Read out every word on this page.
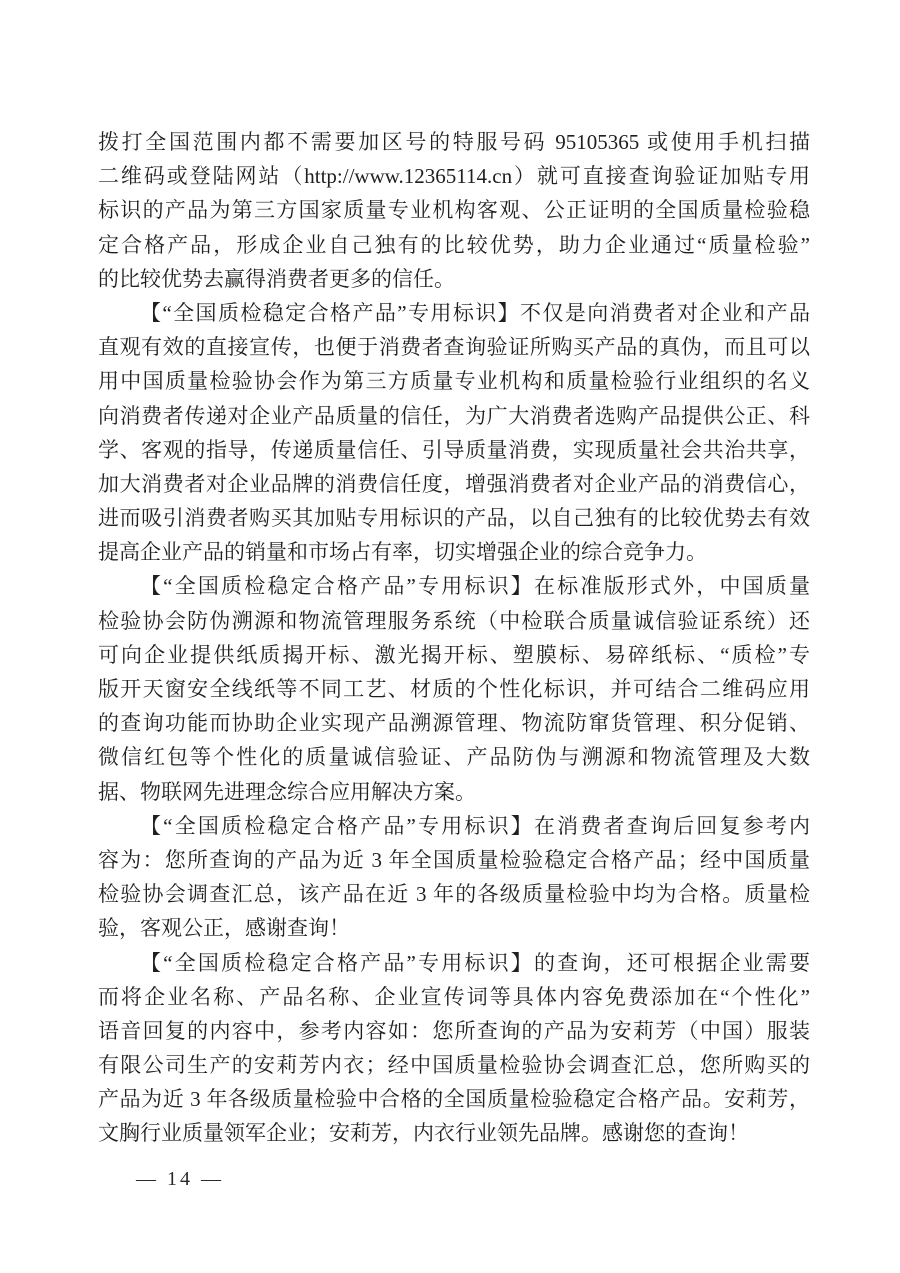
拨打全国范围内都不需要加区号的特服号码 95105365 或使用手机扫描
二维码或登陆网站（http://www.12365114.cn）就可直接查询验证加贴专用
标识的产品为第三方国家质量专业机构客观、公正证明的全国质量检验稳
定合格产品，形成企业自己独有的比较优势，助力企业通过“质量检验”
的比较优势去赢得消费者更多的信任。
【“全国质检稳定合格产品”专用标识】不仅是向消费者对企业和产品
直观有效的直接宣传，也便于消费者查询验证所购买产品的真伪，而且可以
用中国质量检验协会作为第三方质量专业机构和质量检验行业组织的名义
向消费者传递对企业产品质量的信任，为广大消费者选购产品提供公正、科
学、客观的指导，传递质量信任、引导质量消费，实现质量社会共治共享，
加大消费者对企业品牌的消费信任度，增强消费者对企业产品的消费信心，
进而吸引消费者购买其加贴专用标识的产品，以自己独有的比较优势去有效
提高企业产品的销量和市场占有率，切实增强企业的综合竞争力。
【“全国质检稳定合格产品”专用标识】在标准版形式外，中国质量
检验协会防伪溯源和物流管理服务系统（中检联合质量诚信验证系统）还
可向企业提供纸质揭开标、激光揭开标、塑膜标、易碎纸标、“质检”专
版开天窗安全线纸等不同工艺、材质的个性化标识，并可结合二维码应用
的查询功能而协助企业实现产品溯源管理、物流防窜货管理、积分促销、
微信红包等个性化的质量诚信验证、产品防伪与溯源和物流管理及大数
据、物联网先进理念综合应用解决方案。
【“全国质检稳定合格产品”专用标识】在消费者查询后回复参考内
容为：您所查询的产品为近 3 年全国质量检验稳定合格产品；经中国质量
检验协会调查汇总，该产品在近 3 年的各级质量检验中均为合格。质量检
验，客观公正，感谢查询！
【“全国质检稳定合格产品”专用标识】的查询，还可根据企业需要
而将企业名称、产品名称、企业宣传词等具体内容免费添加在“个性化”
语音回复的内容中，参考内容如：您所查询的产品为安莉芳（中国）服装
有限公司生产的安莉芳内衣；经中国质量检验协会调查汇总，您所购买的
产品为近 3 年各级质量检验中合格的全国质量检验稳定合格产品。安莉芳，
文胸行业质量领军企业；安莉芳，内衣行业领先品牌。感谢您的查询！
— 14 —
